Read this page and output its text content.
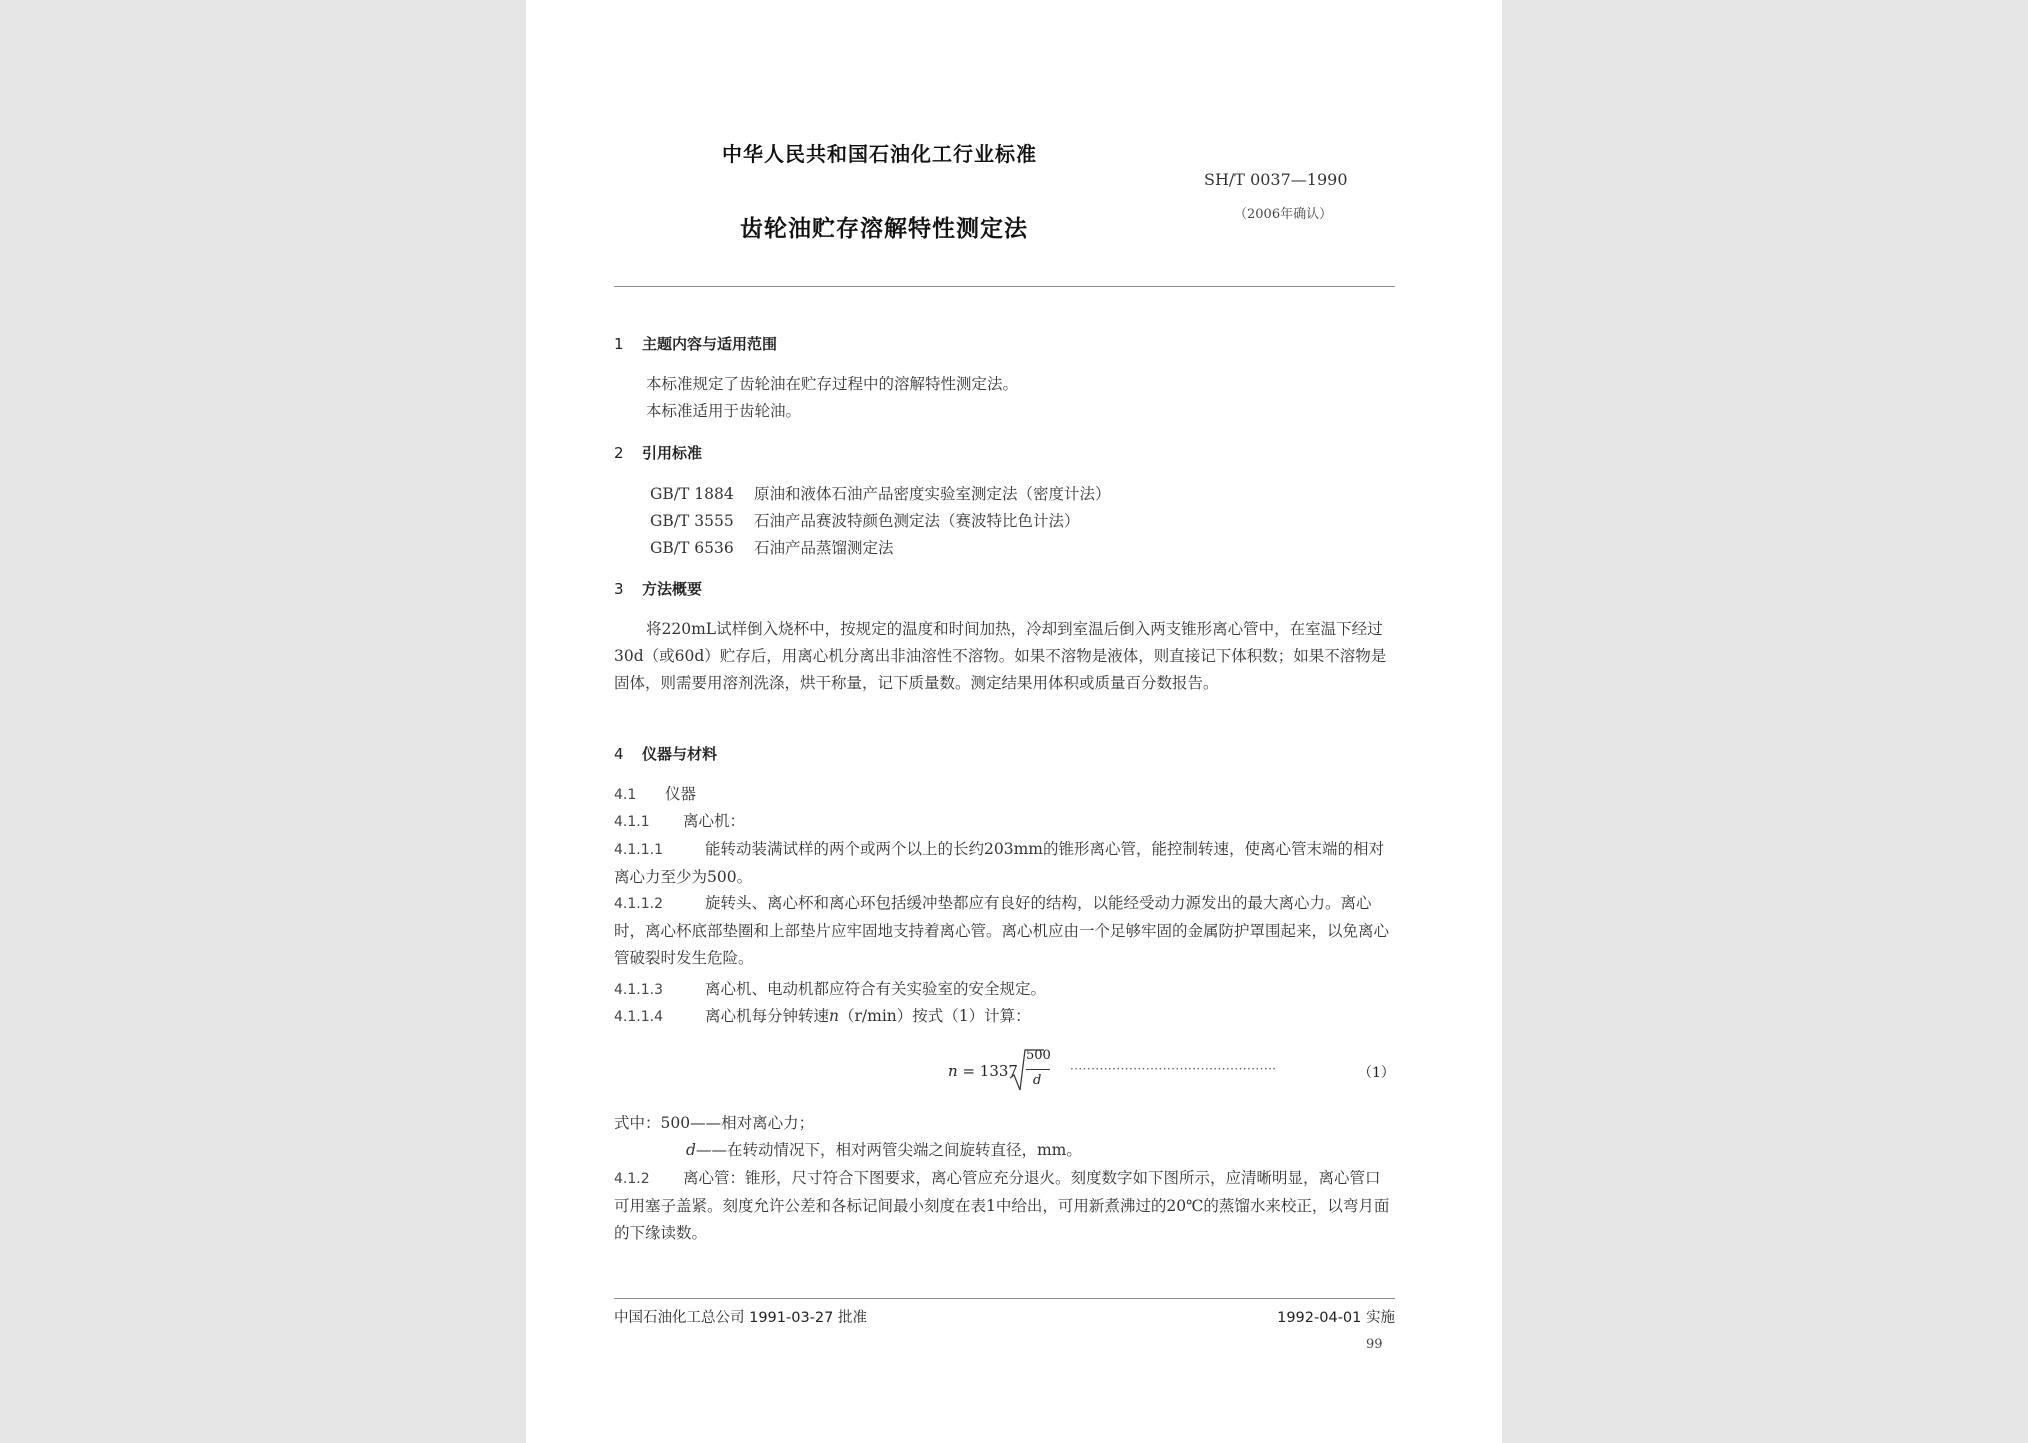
中华人民共和国石油化工行业标准
SH/T 0037—1990
（2006年确认）
齿轮油贮存溶解特性测定法
1 主题内容与适用范围
本标准规定了齿轮油在贮存过程中的溶解特性测定法。
本标准适用于齿轮油。
2 引用标准
GB/T 1884 原油和液体石油产品密度实验室测定法（密度计法）
GB/T 3555 石油产品赛波特颜色测定法（赛波特比色计法）
GB/T 6536 石油产品蒸馏测定法
3 方法概要
将220mL试样倒入烧杯中，按规定的温度和时间加热，冷却到室温后倒入两支锥形离心管中，在室温下经过30d（或60d）贮存后，用离心机分离出非油溶性不溶物。如果不溶物是液体，则直接记下体积数；如果不溶物是固体，则需要用溶剂洗涤，烘干称量，记下质量数。测定结果用体积或质量百分数报告。
4 仪器与材料
4.1 仪器
4.1.1 离心机：
4.1.1.1	能转动装满试样的两个或两个以上的长约203mm的锥形离心管，能控制转速，使离心管末端的相对离心力至少为500。
4.1.1.2	旋转头、离心杯和离心环包括缓冲垫都应有良好的结构，以能经受动力源发出的最大离心力。离心时，离心杯底部垫圈和上部垫片应牢固地支持着离心管。离心机应由一个足够牢固的金属防护罩围起来，以免离心管破裂时发生危险。
4.1.1.3	离心机、电动机都应符合有关实验室的安全规定。
4.1.1.4	离心机每分钟转速n（r/min）按式（1）计算：
n = 1337
500
d
·················································	（1）
式中：500——相对离心力；
d——在转动情况下，相对两管尖端之间旋转直径，mm。
4.1.2 离心管：锥形，尺寸符合下图要求，离心管应充分退火。刻度数字如下图所示，应清晰明显，离心管口可用塞子盖紧。刻度允许公差和各标记间最小刻度在表1中给出，可用新煮沸过的20℃的蒸馏水来校正，以弯月面的下缘读数。
中国石油化工总公司 1991-03-27 批准	1992-04-01 实施
99
